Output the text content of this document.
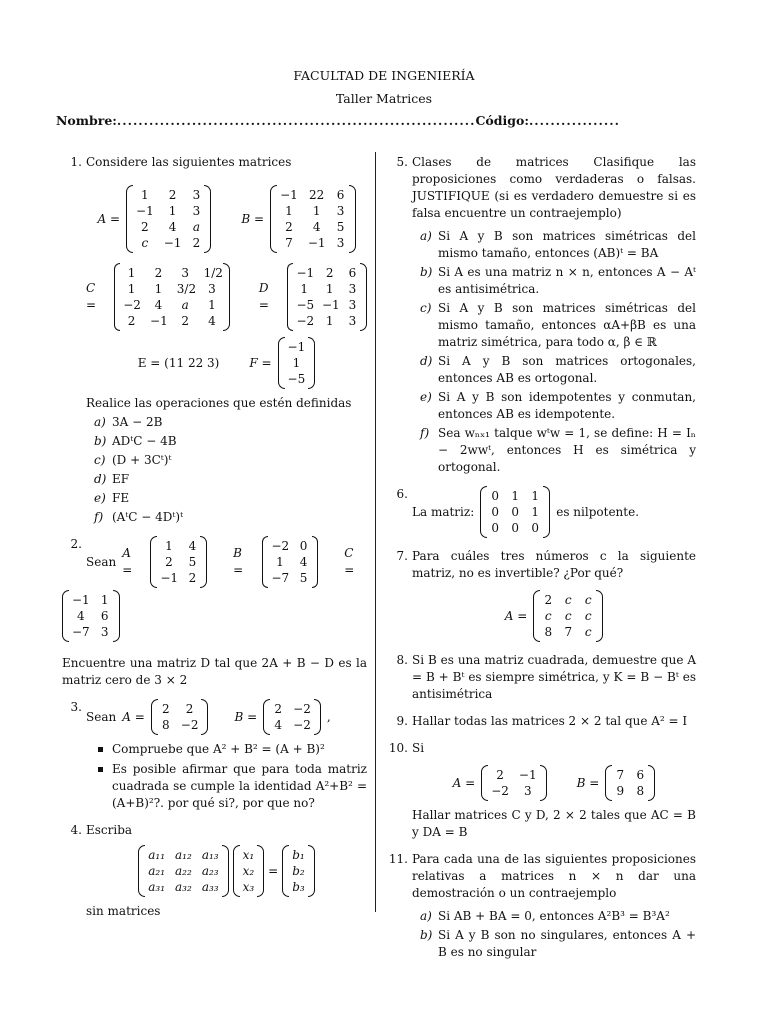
FACULTAD DE INGENIERÍA
Taller Matrices
Nombre:...................................................................Código:.................
1. Considere las siguientes matrices
A =
1	2	3
−1	1	3
2	4	a
c	−1 2
B =
−1 22 6
1	1	3
2	4	5
7	−1 3
C =
1	2	3	1/2
1	1	3/2	3
−2	4	a	1
2	−1	2	4
D =
−1 2	6
1	1	3
−5 −1 3
−2 1	3
E = (11 22 3)	F =
−1
1
−5
Realice las operaciones que estén definidas
a) 3A − 2B
b) ADᵗC − 4B
c) (D + 3Cᵗ)ᵗ
d) EF
e) FE
f) (AᵗC − 4Dᵗ)ᵗ
2.
Sean
A =
1	4
2	5
−1 2
B =
−2 0
1	4
−7 5
C =
−1 1
4	6
−7 3
Encuentre una matriz D tal que 2A + B − D es la matriz cero de 3 × 2
3.
Sean A =
2	2
8 −2
B =
2 −2
4 −2
,
Compruebe que A² + B² = (A + B)²
Es posible afirmar que para toda matriz cuadrada se cumple la identidad A²+B² = (A+B)²?. por qué si?, por que no?
4. Escriba
a₁₁ a₁₂ a₁₃
a₂₁ a₂₂ a₂₃
a₃₁ a₃₂ a₃₃
x₁
x₂
x₃
=
b₁
b₂
b₃
sin matrices
5. Clases de matrices Clasifique las proposiciones como verdaderas o falsas. JUSTIFIQUE (si es verdadero demuestre si es falsa encuentre un contraejemplo)
a) Si A y B son matrices simétricas del mismo tamaño, entonces (AB)ᵗ = BA
b) Si A es una matriz n × n, entonces A − Aᵗ es antisimétrica.
c) Si A y B son matrices simétricas del mismo tamaño, entonces αA+βB es una matriz simétrica, para todo α, β ∈ ℝ
d) Si A y B son matrices ortogonales, entonces AB es ortogonal.
e) Si A y B son idempotentes y conmutan, entonces AB es idempotente.
f) Sea wₙₓ₁ talque wᵗw = 1, se define: H = Iₙ − 2wwᵗ, entonces H es simétrica y ortogonal.
6.
La matriz:
0 1 1
0 0 1
0 0 0
es nilpotente.
7. Para cuáles tres números c la siguiente matriz, no es invertible? ¿Por qué?
A =
2 c c
c c c
8 7 c
8. Si B es una matriz cuadrada, demuestre que A = B + Bᵗ es siempre simétrica, y K = B − Bᵗ es antisimétrica
9. Hallar todas las matrices 2 × 2 tal que A² = I
10. Si
A =
2	−1
−2	3
B =
7 6
9 8
Hallar matrices C y D, 2 × 2 tales que AC = B y DA = B
11. Para cada una de las siguientes proposiciones relativas a matrices n × n dar una demostración o un contraejemplo
a) Si AB + BA = 0, entonces A²B³ = B³A²
b) Si A y B son no singulares, entonces A + B es no singular
